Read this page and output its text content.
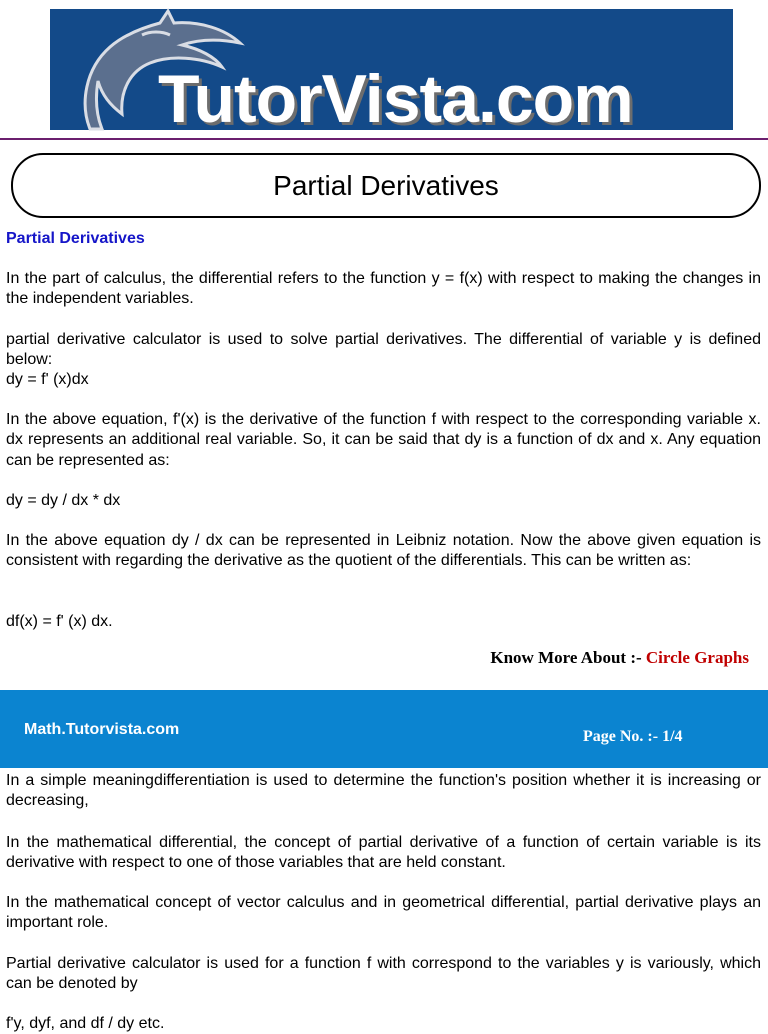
TutorVista.com	TM
Partial Derivatives

Partial Derivatives

In the part of calculus, the differential refers to the function y = f(x) with respect to making the changes in the independent variables.

partial derivative calculator is used to solve partial derivatives. The differential of variable y is defined below:

dy = f' (x)dx

In the above equation, f'(x) is the derivative of the function f with respect to the corresponding variable x. dx represents an additional real variable. So, it can be said that dy is a function of dx and x. Any equation can be represented as:

dy = dy / dx * dx

In the above equation dy / dx can be represented in Leibniz notation. Now the above given equation is consistent with regarding the derivative as the quotient of the differentials. This can be written as:

df(x) = f' (x) dx.

Know More About :- Circle Graphs
Math.Tutorvista.com	Page No. :- 1/4

In a simple meaningdifferentiation is used to determine the function's position whether it is increasing or decreasing,

In the mathematical differential, the concept of partial derivative of a function of certain variable is its derivative with respect to one of those variables that are held constant.

In the mathematical concept of vector calculus and in geometrical differential, partial derivative plays an important role.

Partial derivative calculator is used for a function f with correspond to the variables y is variously, which can be denoted by

f'y, dyf, and df / dy etc.
